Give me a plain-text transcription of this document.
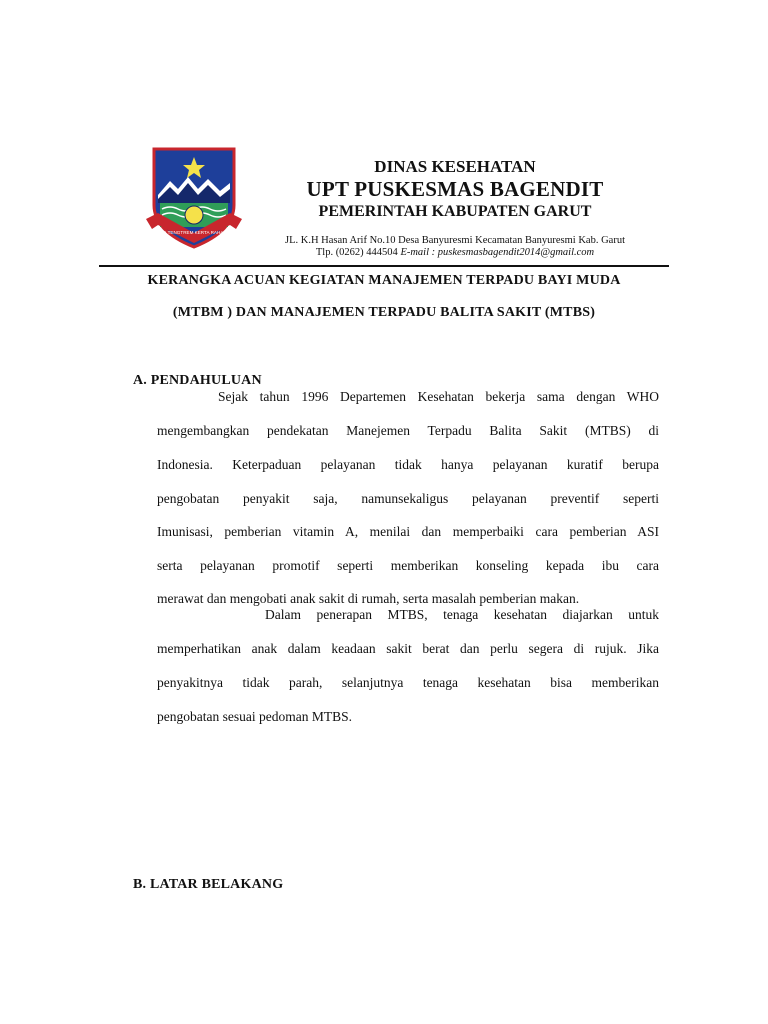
TATA TENGTREM KERTA RAHARJA
DINAS KESEHATAN
UPT PUSKESMAS BAGENDIT
PEMERINTAH KABUPATEN GARUT
JL. K.H Hasan Arif No.10 Desa Banyuresmi Kecamatan Banyuresmi Kab. Garut
Tlp. (0262) 444504 E-mail : puskesmasbagendit2014@gmail.com
KERANGKA ACUAN KEGIATAN MANAJEMEN TERPADU BAYI MUDA
(MTBM ) DAN MANAJEMEN TERPADU BALITA SAKIT (MTBS)
A. PENDAHULUAN
Sejak tahun 1996 Departemen Kesehatan bekerja sama dengan WHO
mengembangkan pendekatan Manejemen Terpadu Balita Sakit (MTBS) di
Indonesia. Keterpaduan pelayanan tidak hanya pelayanan kuratif berupa
pengobatan penyakit saja, namunsekaligus pelayanan preventif seperti
Imunisasi, pemberian vitamin A, menilai dan memperbaiki cara pemberian ASI
serta pelayanan promotif seperti memberikan konseling kepada ibu cara
merawat dan mengobati anak sakit di rumah, serta masalah pemberian makan.
Dalam penerapan MTBS, tenaga kesehatan diajarkan untuk
memperhatikan anak dalam keadaan sakit berat dan perlu segera di rujuk. Jika
penyakitnya tidak parah, selanjutnya tenaga kesehatan bisa memberikan
pengobatan sesuai pedoman MTBS.
B. LATAR BELAKANG
